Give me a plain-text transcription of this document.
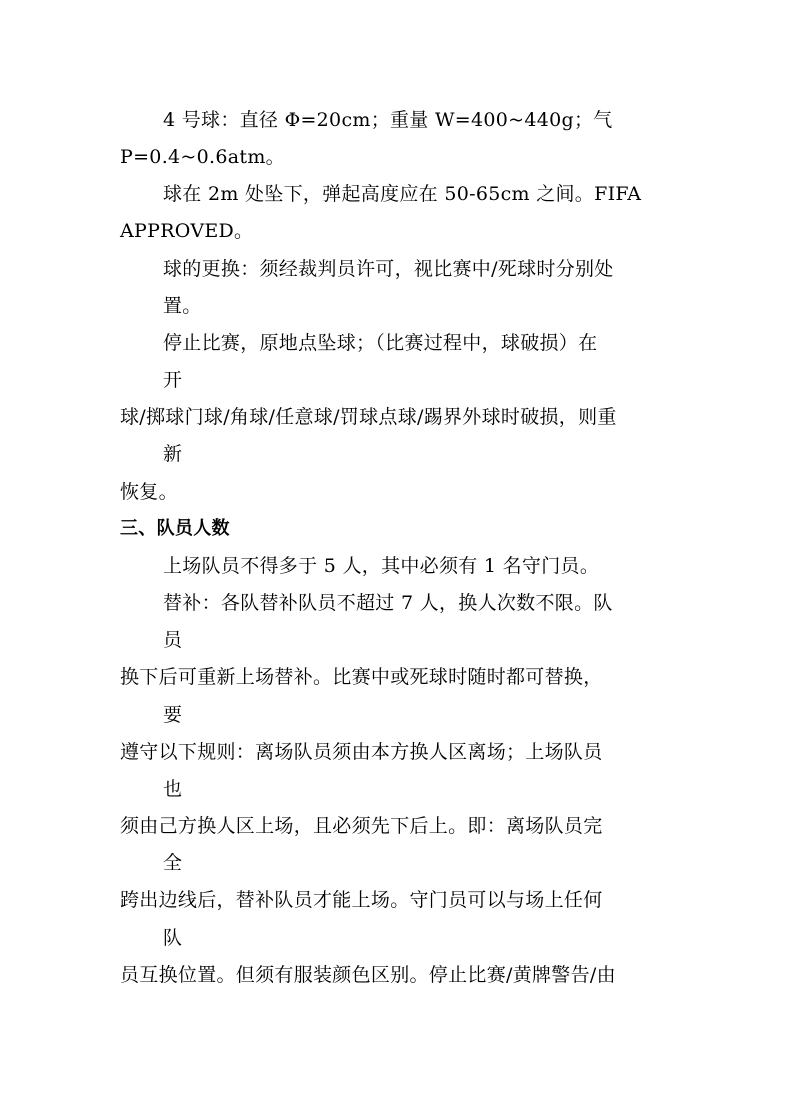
4 号球：直径 Φ=20cm；重量 W=400~440g；气
P=0.4~0.6atm。
球在 2m 处坠下，弹起高度应在 50-65cm 之间。FIFA
APPROVED。
球的更换：须经裁判员许可，视比赛中/死球时分别处
置。
停止比赛，原地点坠球；（比赛过程中，球破损）在
开
球/掷球门球/角球/任意球/罚球点球/踢界外球时破损，则重
新
恢复。
三、队员人数
上场队员不得多于 5 人，其中必须有 1 名守门员。
替补：各队替补队员不超过 7 人，换人次数不限。队
员
换下后可重新上场替补。比赛中或死球时随时都可替换，
要
遵守以下规则：离场队员须由本方换人区离场；上场队员
也
须由己方换人区上场，且必须先下后上。即：离场队员完
全
跨出边线后，替补队员才能上场。守门员可以与场上任何
队
员互换位置。但须有服装颜色区别。停止比赛/黄牌警告/由
